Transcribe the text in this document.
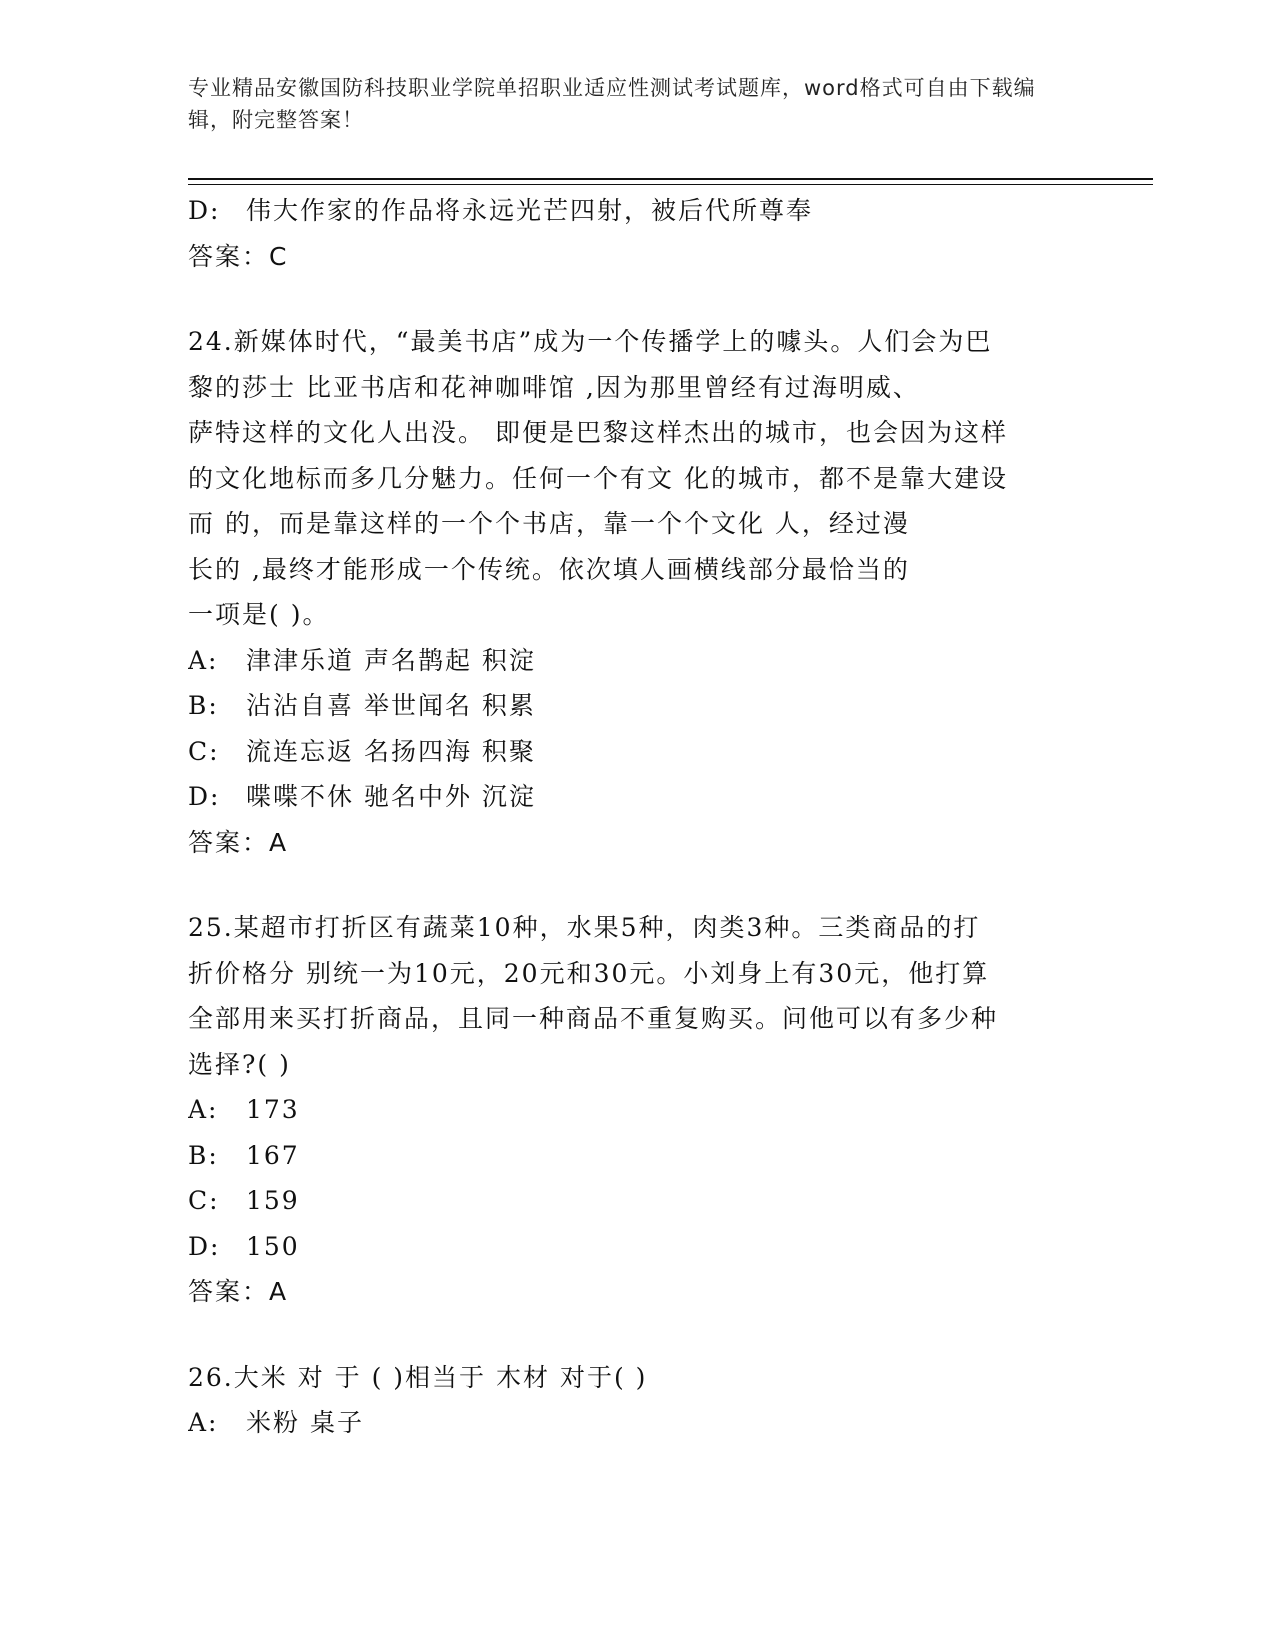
专业精品安徽国防科技职业学院单招职业适应性测试考试题库，word格式可自由下载编辑，附完整答案！
D: 伟大作家的作品将永远光芒四射，被后代所尊奉
答案：C
24.新媒体时代，“最美书店”成为一个传播学上的噱头。人们会为巴
黎的莎士 比亚书店和花神咖啡馆 ,因为那里曾经有过海明威、
萨特这样的文化人出没。 即便是巴黎这样杰出的城市，也会因为这样
的文化地标而多几分魅力。任何一个有文 化的城市，都不是靠大建设
而 的，而是靠这样的一个个书店，靠一个个文化 人，经过漫
长的 ,最终才能形成一个传统。依次填人画横线部分最恰当的
一项是( )。
A: 津津乐道 声名鹊起 积淀
B: 沾沾自喜 举世闻名 积累
C: 流连忘返 名扬四海 积聚
D: 喋喋不休 驰名中外 沉淀
答案：A
25.某超市打折区有蔬菜10种，水果5种，肉类3种。三类商品的打
折价格分 别统一为10元，20元和30元。小刘身上有30元，他打算
全部用来买打折商品，且同一种商品不重复购买。问他可以有多少种
选择?( )
A: 173
B: 167
C: 159
D: 150
答案：A
26.大米 对 于 ( )相当于 木材 对于( )
A: 米粉 桌子
